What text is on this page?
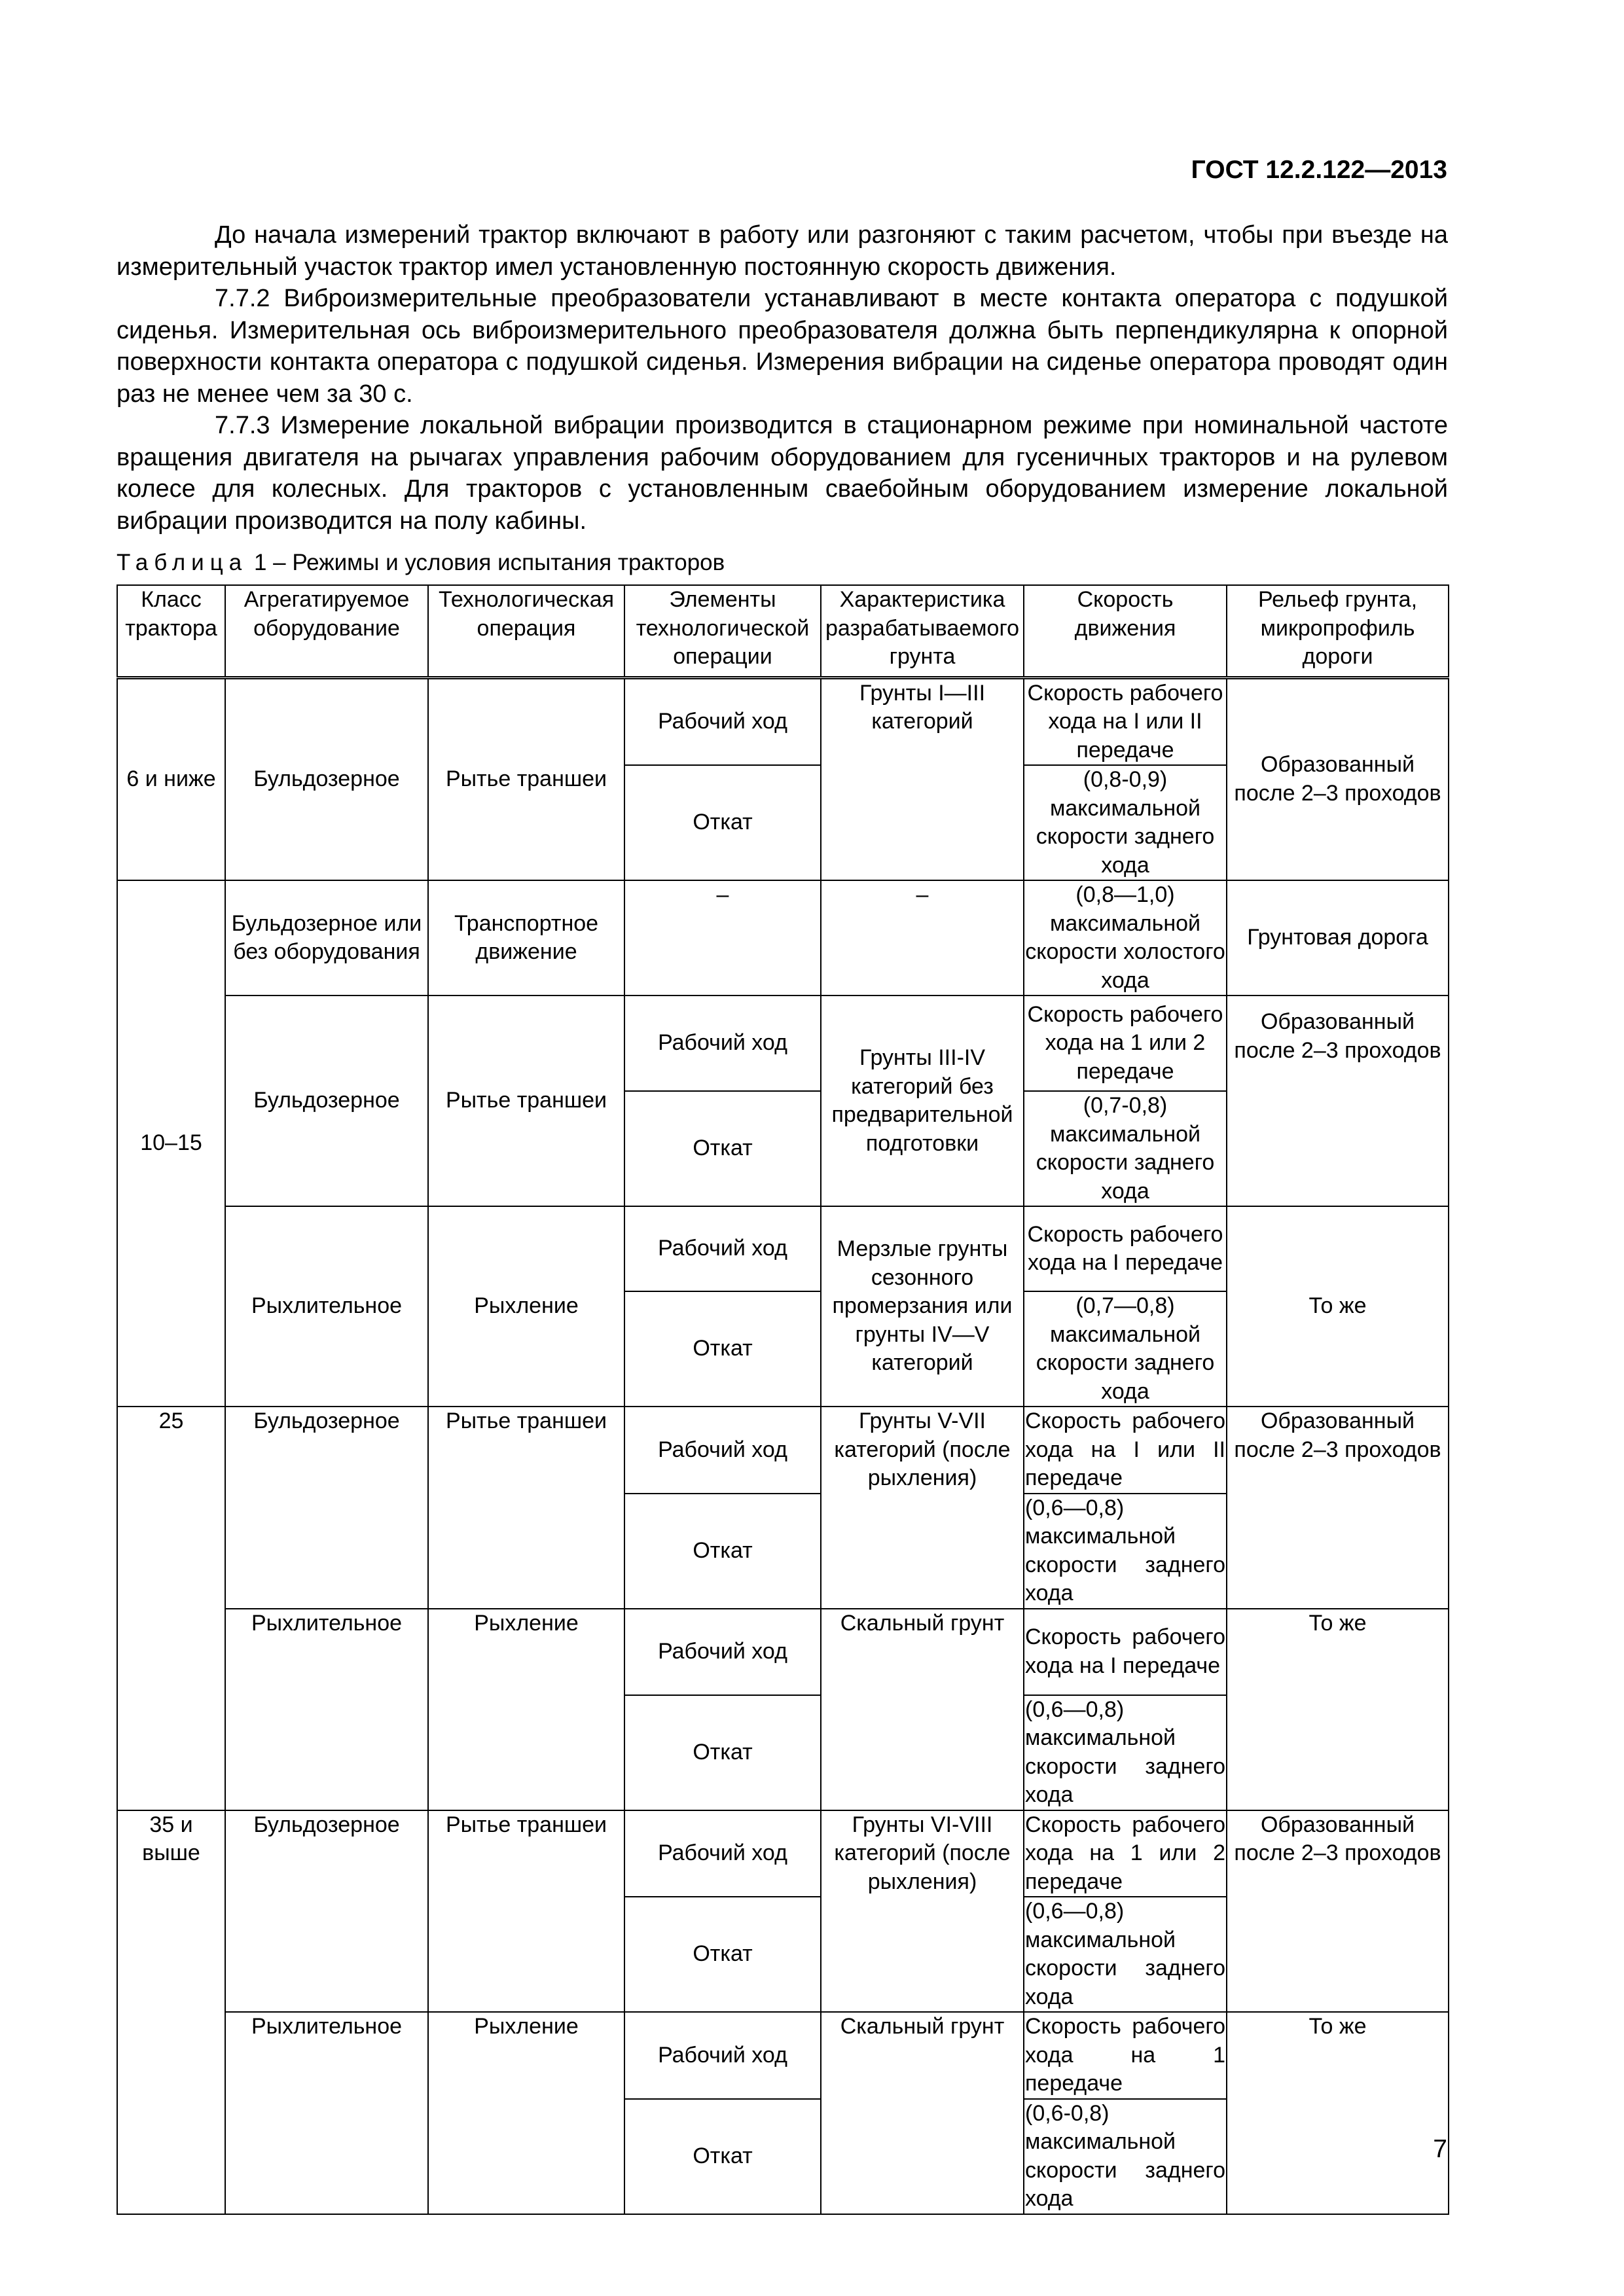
ГОСТ 12.2.122—2013

До начала измерений трактор включают в работу или разгоняют с таким расчетом, чтобы при въезде на измерительный участок трактор имел установленную постоянную скорость движения.

7.7.2 Виброизмерительные преобразователи устанавливают в месте контакта оператора с подушкой сиденья. Измерительная ось виброизмерительного преобразователя должна быть перпендикулярна к опорной поверхности контакта оператора с подушкой сиденья. Измерения вибрации на сиденье оператора проводят один раз не менее чем за 30 с.

7.7.3 Измерение локальной вибрации производится в стационарном режиме при номинальной частоте вращения двигателя на рычагах управления рабочим оборудованием для гусеничных тракторов и на рулевом колесе для колесных. Для тракторов с установленным сваебойным оборудованием измерение локальной вибрации производится на полу кабины.

Таблица 1 – Режимы и условия испытания тракторов
Класс трактора	Агрегатируемое оборудование	Технологическая операция	Элементы технологической операции	Характеристика разрабатываемого грунта	Скорость движения	Рельеф грунта, микропрофиль дороги
6 и ниже	Бульдозерное	Рытье траншеи	Рабочий ход	Грунты I—III категорий	Скорость рабочего хода на I или II передаче	Образованный после 2–3 проходов
			Откат		(0,8-0,9) максимальной скорости заднего хода	
10–15	Бульдозерное или без оборудования	Транспортное движение	–	–	(0,8—1,0) максимальной скорости холостого хода	Грунтовая дорога
	Бульдозерное	Рытье траншеи	Рабочий ход	Грунты III-IV категорий без предварительной подготовки	Скорость рабочего хода на 1 или 2 передаче	Образованный после 2–3 проходов
			Откат		(0,7-0,8) максимальной скорости заднего хода	
	Рыхлительное	Рыхление	Рабочий ход	Мерзлые грунты сезонного промерзания или грунты IV—V категорий	Скорость рабочего хода на I передаче	То же
			Откат		(0,7—0,8) максимальной скорости заднего хода	
25	Бульдозерное	Рытье траншеи	Рабочий ход	Грунты V-VII категорий (после рыхления)	Скорость рабочего хода на I или II передаче	Образованный после 2–3 проходов
			Откат		(0,6—0,8) максимальной скорости заднего хода	
	Рыхлительное	Рыхление	Рабочий ход	Скальный грунт	Скорость рабочего хода на I передаче	То же
			Откат		(0,6—0,8) максимальной скорости заднего хода	
35 и выше	Бульдозерное	Рытье траншеи	Рабочий ход	Грунты VI-VIII категорий (после рыхления)	Скорость рабочего хода на 1 или 2 передаче	Образованный после 2–3 проходов
			Откат		(0,6—0,8) максимальной скорости заднего хода	
	Рыхлительное	Рыхление	Рабочий ход	Скальный грунт	Скорость рабочего хода на 1 передаче	То же
			Откат		(0,6-0,8) максимальной скорости заднего хода	
7
